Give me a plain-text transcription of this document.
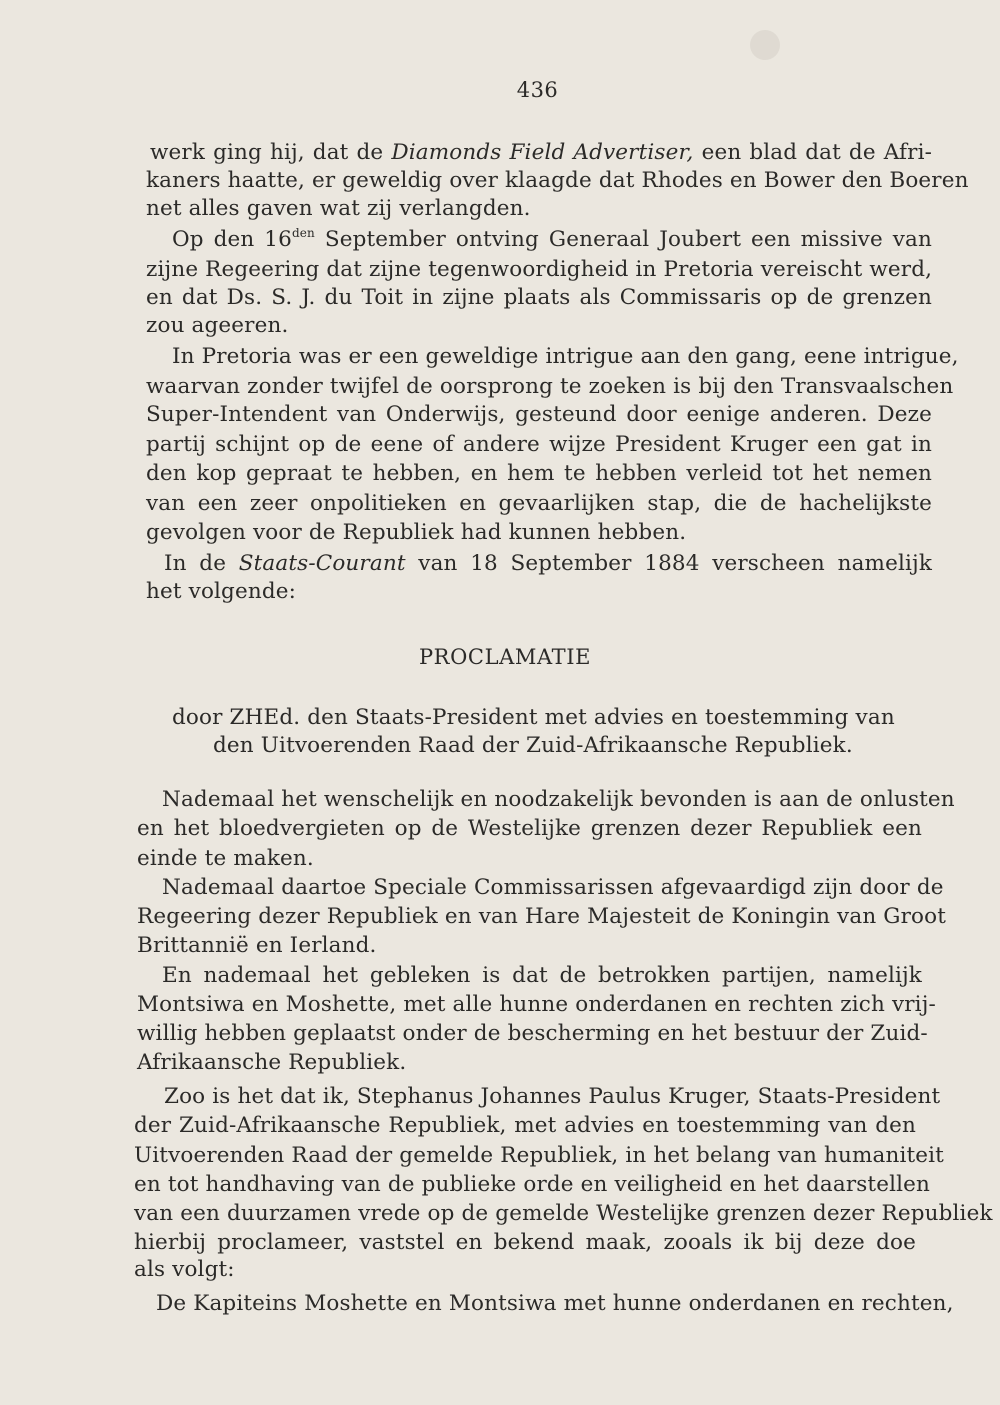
436
PROCLAMATIE
werk ging hij, dat de Diamonds Field Advertiser, een blad dat de Afri-
kaners haatte, er geweldig over klaagde dat Rhodes en Bower den Boeren
net alles gaven wat zij verlangden.
Op den $16^{den}$ September ontving Generaal Joubert een missive van
zijne Regeering dat zijne tegenwoordigheid in Pretoria vereischt werd,
en dat Ds. S. J. du Toit in zijne plaats als Commissaris op de grenzen
zou ageeren.
In Pretoria was er een geweldige intrigue aan den gang, eene intrigue,
waarvan zonder twijfel de oorsprong te zoeken is bij den Transvaalschen
Super-Intendent van Onderwijs, gesteund door eenige anderen. Deze
partij schijnt op de eene of andere wijze President Kruger een gat in
den kop gepraat te hebben, en hem te hebben verleid tot het nemen
van een zeer onpolitieken en gevaarlijken stap, die de hachelijkste
gevolgen voor de Republiek had kunnen hebben.
In de Staats-Courant van 18 September 1884 verscheen namelijk
het volgende:
door ZHEd. den Staats-President met advies en toestemming van
den Uitvoerenden Raad der Zuid-Afrikaansche Republiek.
Nademaal het wenschelijk en noodzakelijk bevonden is aan de onlusten
en het bloedvergieten op de Westelijke grenzen dezer Republiek een
einde te maken.
Nademaal daartoe Speciale Commissarissen afgevaardigd zijn door de
Regeering dezer Republiek en van Hare Majesteit de Koningin van Groot
Brittannië en Ierland.
En nademaal het gebleken is dat de betrokken partijen, namelijk
Montsiwa en Moshette, met alle hunne onderdanen en rechten zich vrij-
willig hebben geplaatst onder de bescherming en het bestuur der Zuid-
Afrikaansche Republiek.
Zoo is het dat ik, Stephanus Johannes Paulus Kruger, Staats-President
der Zuid-Afrikaansche Republiek, met advies en toestemming van den
Uitvoerenden Raad der gemelde Republiek, in het belang van humaniteit
en tot handhaving van de publieke orde en veiligheid en het daarstellen
van een duurzamen vrede op de gemelde Westelijke grenzen dezer Republiek
hierbij proclameer, vaststel en bekend maak, zooals ik bij deze doe
als volgt:
De Kapiteins Moshette en Montsiwa met hunne onderdanen en rechten,
